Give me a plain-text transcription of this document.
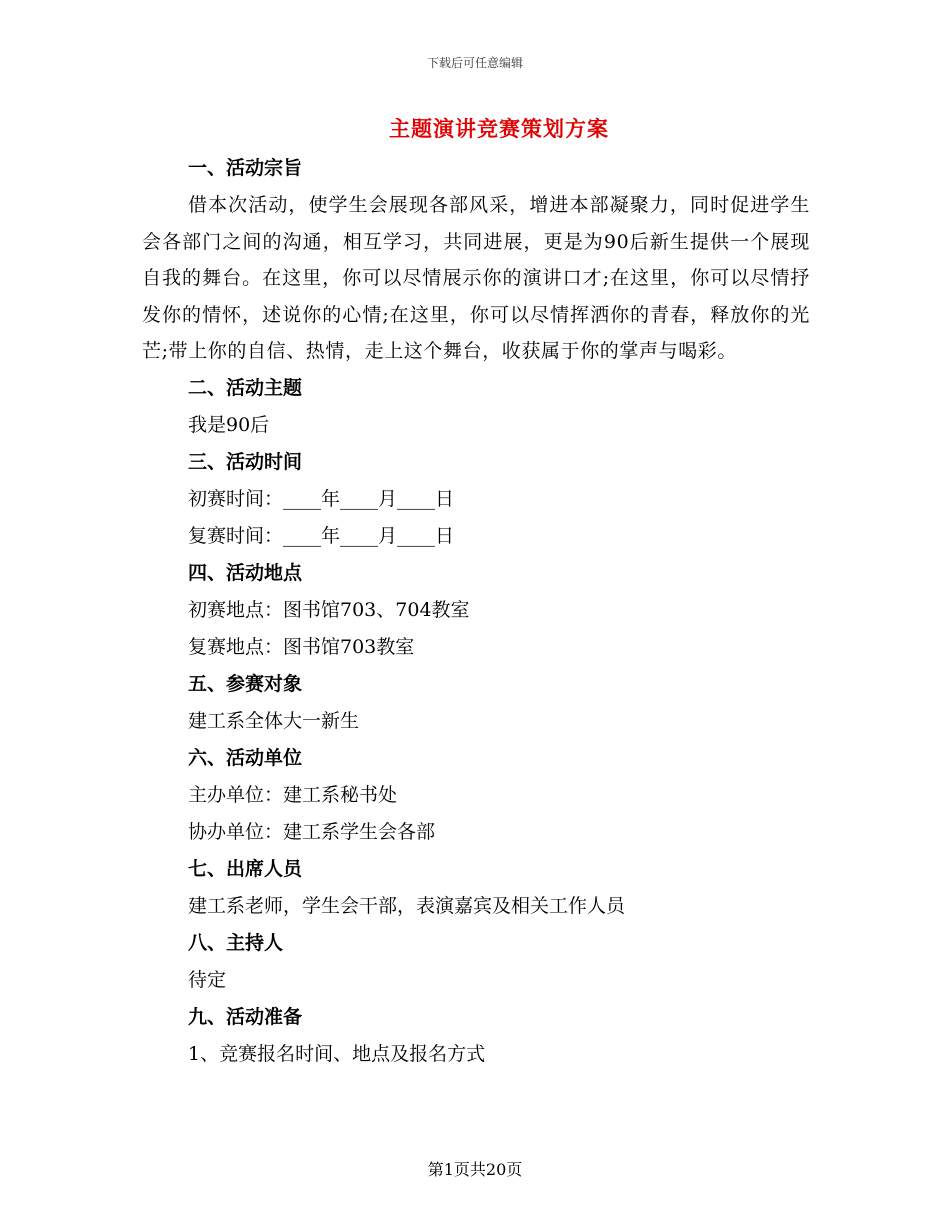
下载后可任意编辑
主题演讲竞赛策划方案
一、活动宗旨
借本次活动，使学生会展现各部风采，增进本部凝聚力，同时促进学生会各部门之间的沟通，相互学习，共同进展，更是为90后新生提供一个展现自我的舞台。在这里，你可以尽情展示你的演讲口才;在这里，你可以尽情抒发你的情怀，述说你的心情;在这里，你可以尽情挥洒你的青春，释放你的光芒;带上你的自信、热情，走上这个舞台，收获属于你的掌声与喝彩。
二、活动主题
我是90后
三、活动时间
初赛时间：____年____月____日
复赛时间：____年____月____日
四、活动地点
初赛地点：图书馆703、704教室
复赛地点：图书馆703教室
五、参赛对象
建工系全体大一新生
六、活动单位
主办单位：建工系秘书处
协办单位：建工系学生会各部
七、出席人员
建工系老师，学生会干部，表演嘉宾及相关工作人员
八、主持人
待定
九、活动准备
1、竞赛报名时间、地点及报名方式
第1页共20页
